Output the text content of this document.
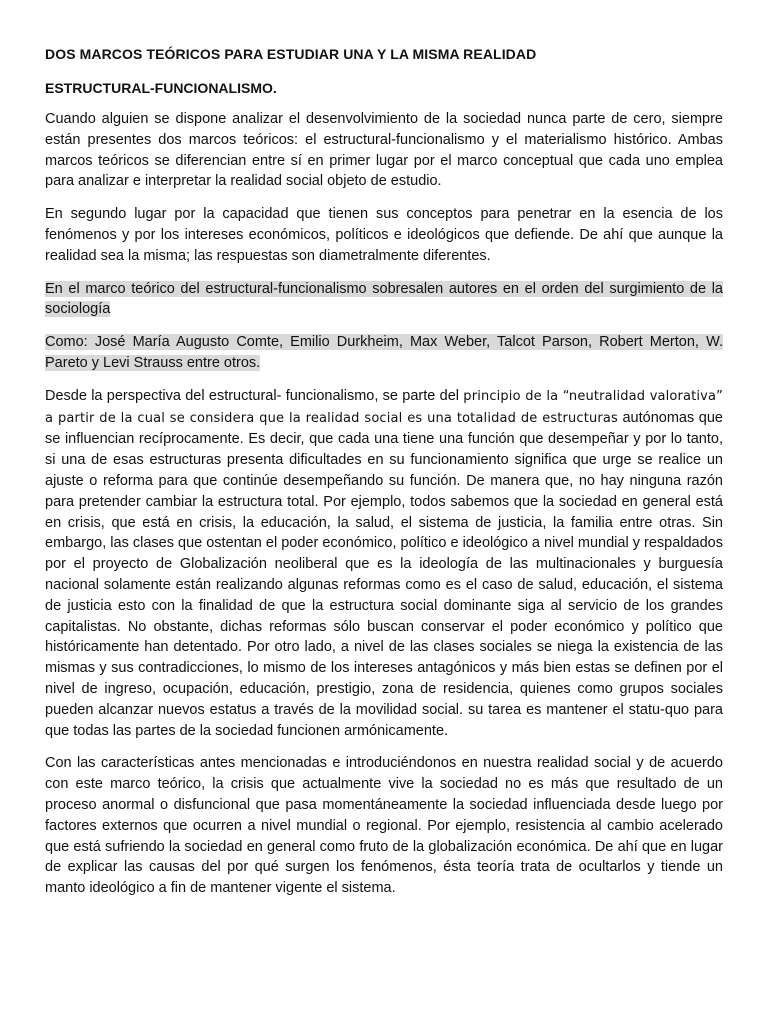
DOS MARCOS TEÓRICOS PARA ESTUDIAR UNA Y LA MISMA REALIDAD
ESTRUCTURAL-FUNCIONALISMO.

Cuando alguien se dispone analizar el desenvolvimiento de la sociedad nunca parte de cero, siempre están presentes dos marcos teóricos: el estructural-funcionalismo y el materialismo histórico. Ambas marcos teóricos se diferencian entre sí en primer lugar por el marco conceptual que cada uno emplea para analizar e interpretar la realidad social objeto de estudio.

En segundo lugar por la capacidad que tienen sus conceptos para penetrar en la esencia de los fenómenos y por los intereses económicos, políticos e ideológicos que defiende. De ahí que aunque la realidad sea la misma; las respuestas son diametralmente diferentes.

En el marco teórico del estructural-funcionalismo sobresalen autores en el orden del surgimiento de la sociología

Como: José María Augusto Comte, Emilio Durkheim, Max Weber, Talcot Parson, Robert Merton, W. Pareto y Levi Strauss entre otros.

Desde la perspectiva del estructural- funcionalismo, se parte del principio de la “neutralidad valorativa” a partir de la cual se considera que la realidad social es una totalidad de estructuras autónomas que se influencian recíprocamente. Es decir, que cada una tiene una función que desempeñar y por lo tanto, si una de esas estructuras presenta dificultades en su funcionamiento significa que urge se realice un ajuste o reforma para que continúe desempeñando su función. De manera que, no hay ninguna razón para pretender cambiar la estructura total. Por ejemplo, todos sabemos que la sociedad en general está en crisis, que está en crisis, la educación, la salud, el sistema de justicia, la familia entre otras. Sin embargo, las clases que ostentan el poder económico, político e ideológico a nivel mundial y respaldados por el proyecto de Globalización neoliberal que es la ideología de las multinacionales y burguesía nacional solamente están realizando algunas reformas como es el caso de salud, educación, el sistema de justicia esto con la finalidad de que la estructura social dominante siga al servicio de los grandes capitalistas. No obstante, dichas reformas sólo buscan conservar el poder económico y político que históricamente han detentado. Por otro lado, a nivel de las clases sociales se niega la existencia de las mismas y sus contradicciones, lo mismo de los intereses antagónicos y más bien estas se definen por el nivel de ingreso, ocupación, educación, prestigio, zona de residencia, quienes como grupos sociales pueden alcanzar nuevos estatus a través de la movilidad social. su tarea es mantener el statu-quo para que todas las partes de la sociedad funcionen armónicamente.

Con las características antes mencionadas e introduciéndonos en nuestra realidad social y de acuerdo con este marco teórico, la crisis que actualmente vive la sociedad no es más que resultado de un proceso anormal o disfuncional que pasa momentáneamente la sociedad influenciada desde luego por factores externos que ocurren a nivel mundial o regional. Por ejemplo, resistencia al cambio acelerado que está sufriendo la sociedad en general como fruto de la globalización económica. De ahí que en lugar de explicar las causas del por qué surgen los fenómenos, ésta teoría trata de ocultarlos y tiende un manto ideológico a fin de mantener vigente el sistema.
